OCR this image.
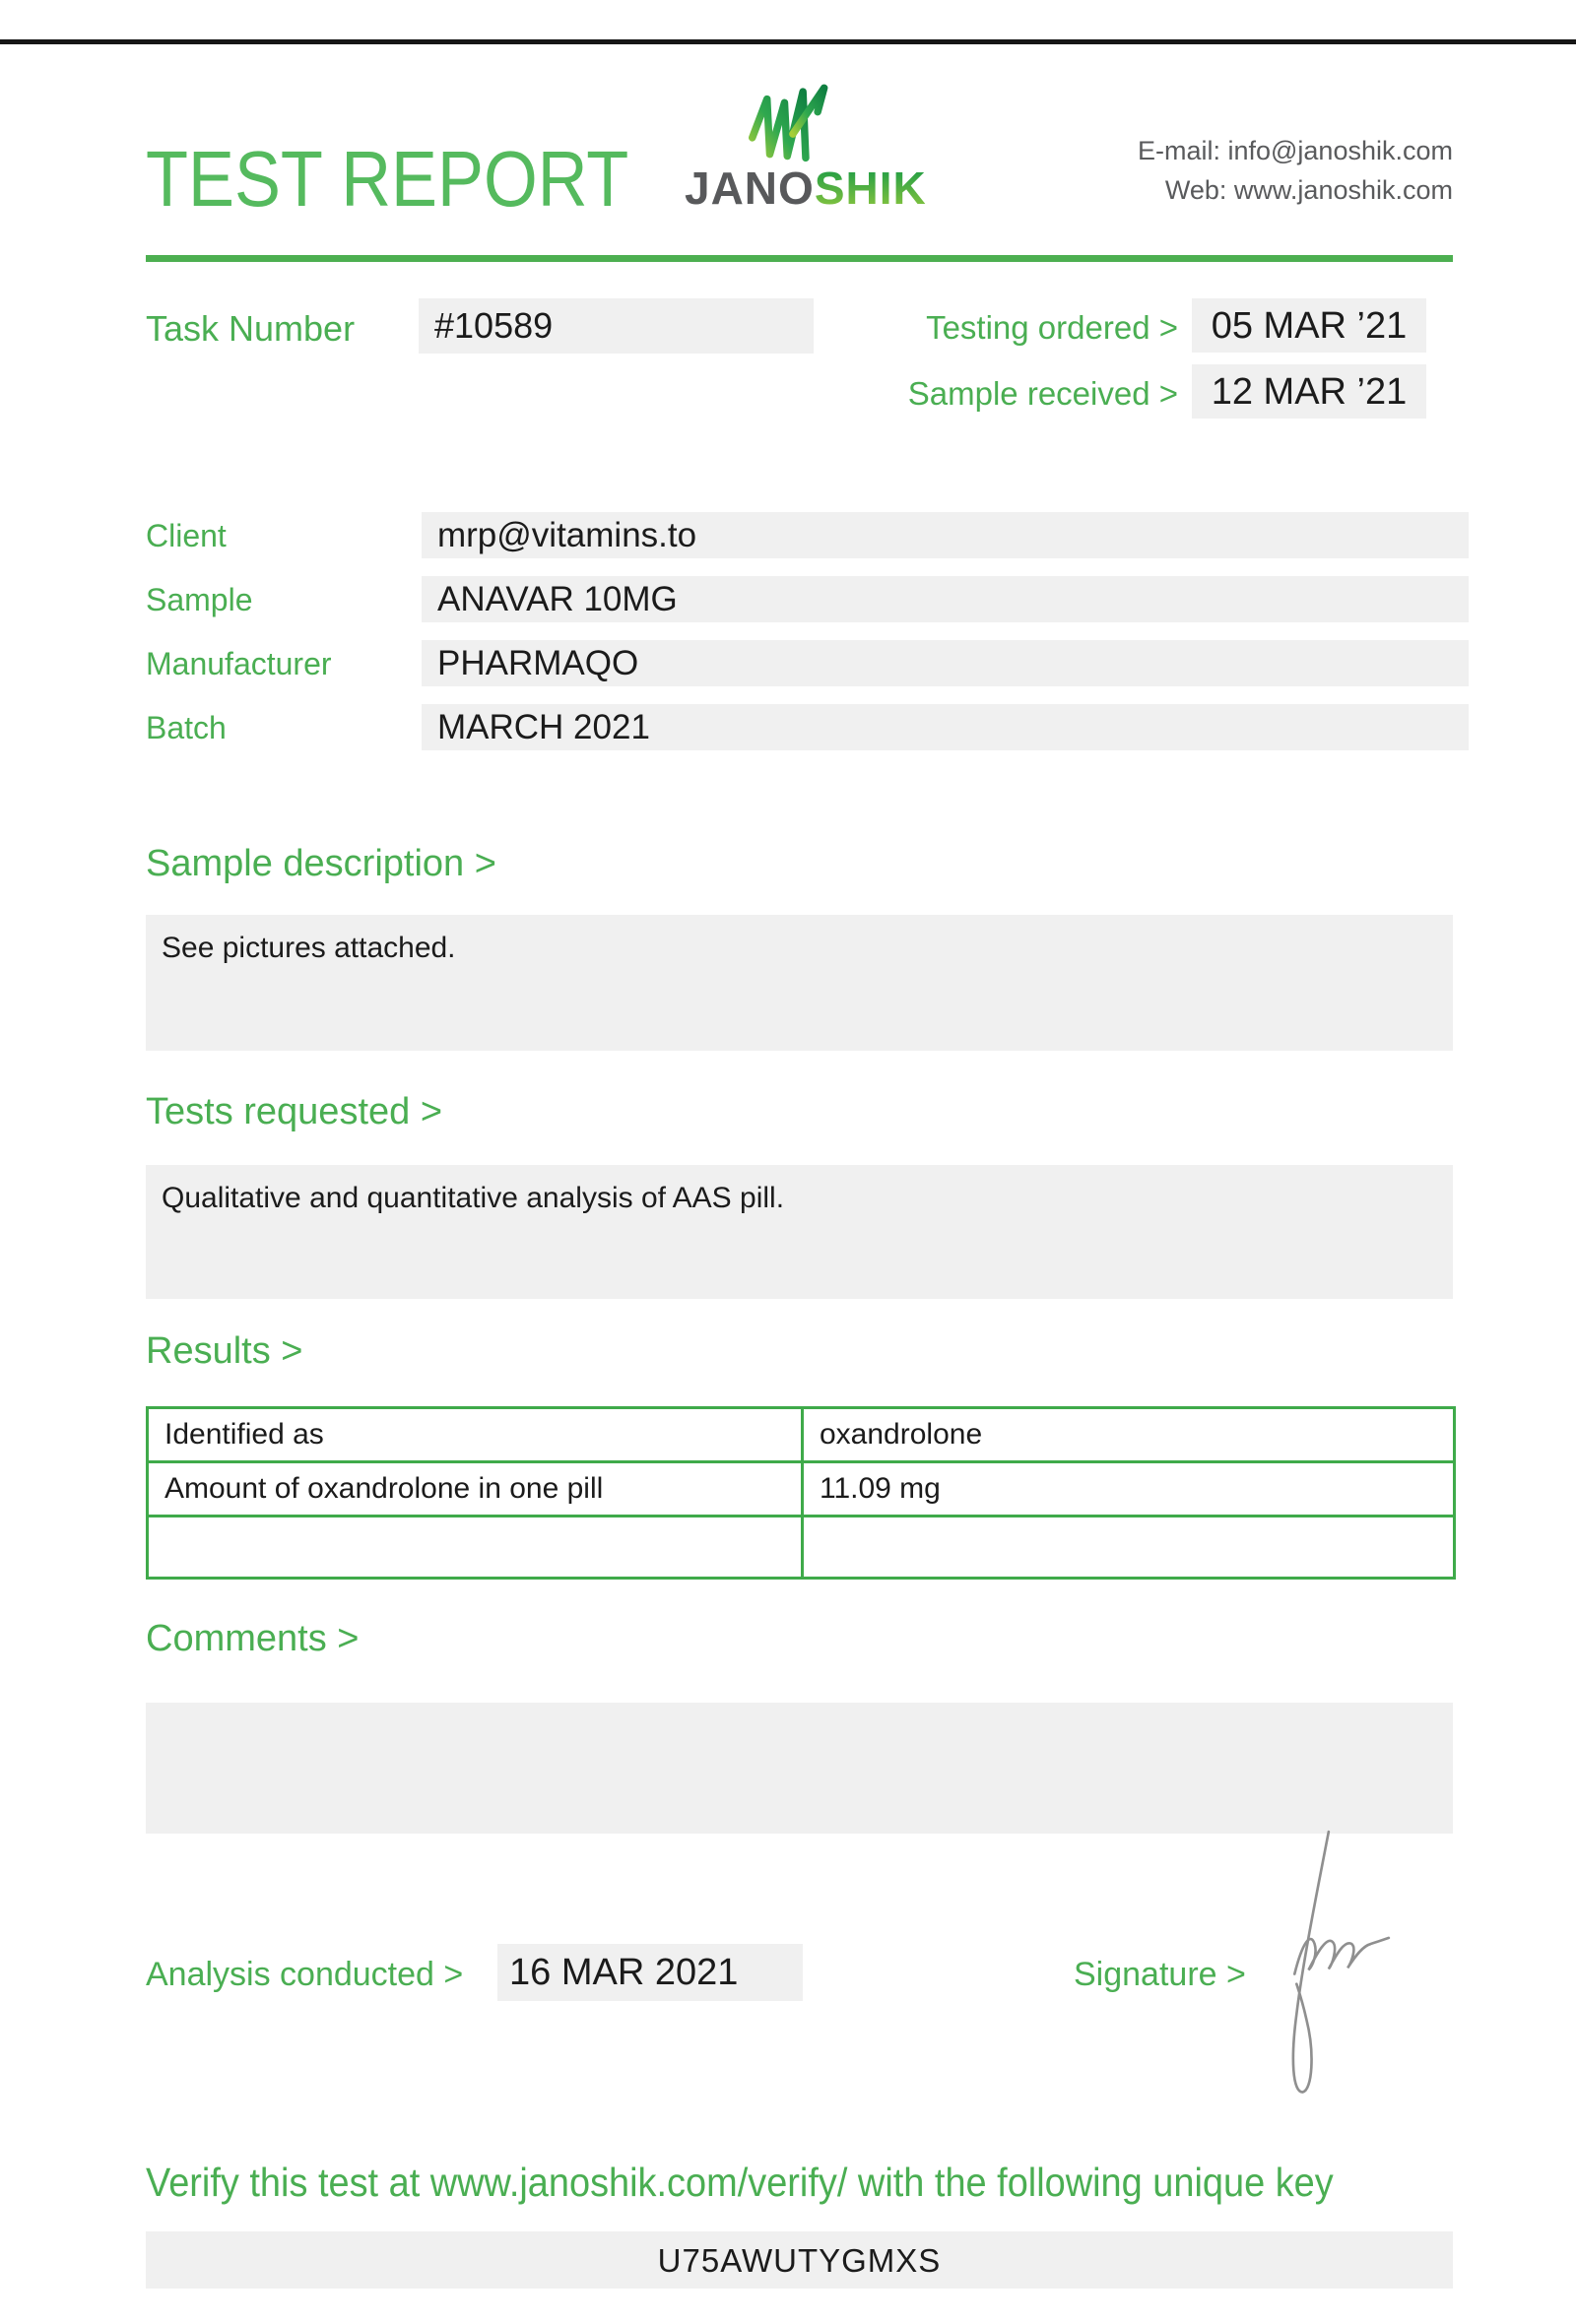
TEST REPORT JANOSHIK
E-mail: info@janoshik.com
Web: www.janoshik.com
Task Number	#10589	Testing ordered > 05 MAR ’21
Sample received > 12 MAR ’21
Client	mrp@vitamins.to
Sample	ANAVAR 10MG
Manufacturer	PHARMAQO
Batch	MARCH 2021
Sample description >
See pictures attached.
Tests requested >
Qualitative and quantitative analysis of AAS pill.
Results >
Identified as	oxandrolone
Amount of oxandrolone in one pill	11.09 mg

Comments >
Analysis conducted >	16 MAR 2021	Signature >
Verify this test at www.janoshik.com/verify/ with the following unique key
U75AWUTYGMXS
